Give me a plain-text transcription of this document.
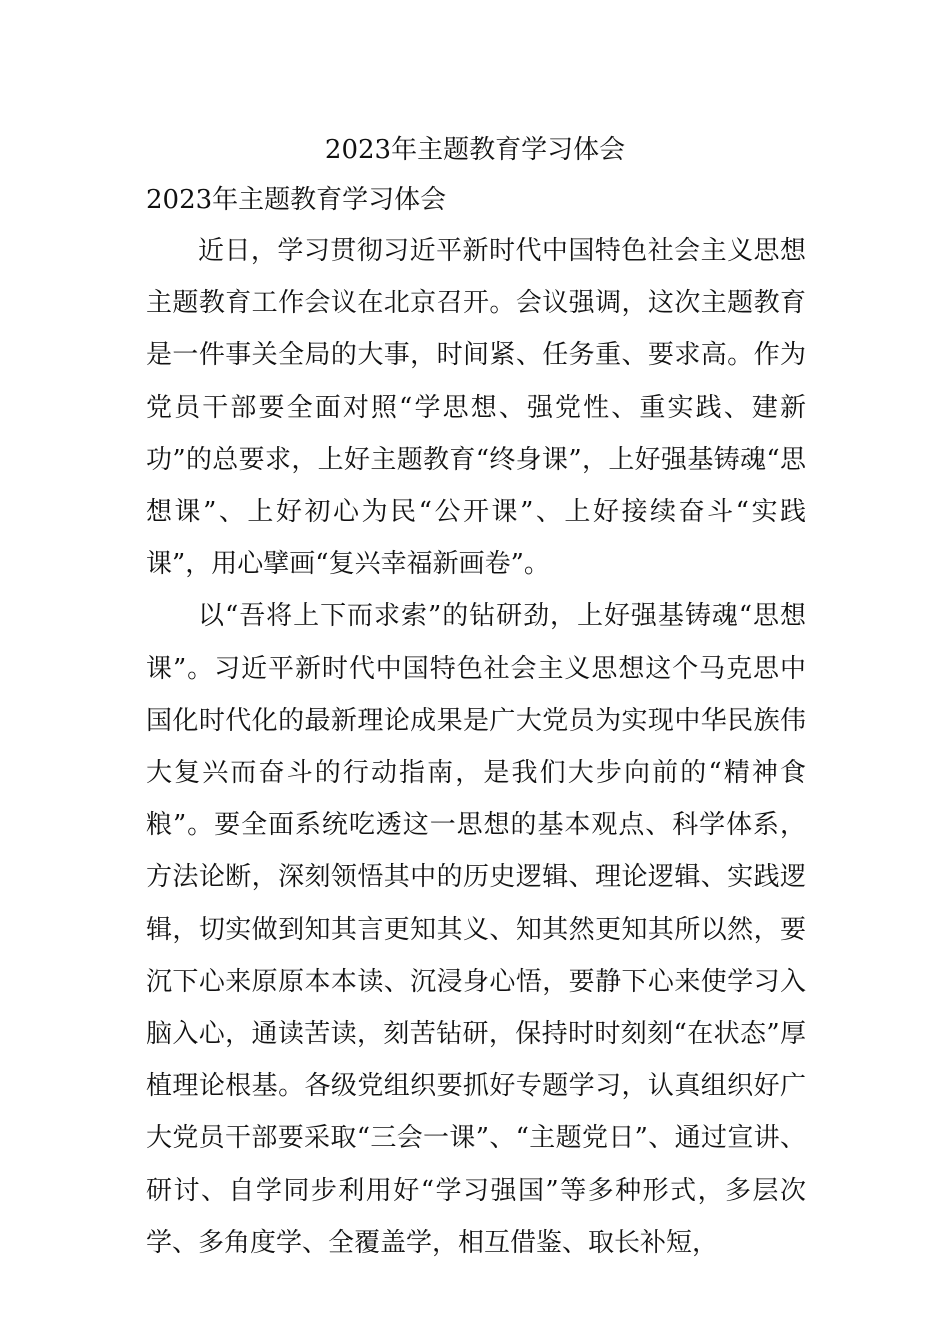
2023年主题教育学习体会
2023年主题教育学习体会

近日，学习贯彻习近平新时代中国特色社会主义思想主题教育工作会议在北京召开。会议强调，这次主题教育是一件事关全局的大事，时间紧、任务重、要求高。作为党员干部要全面对照“学思想、强党性、重实践、建新功”的总要求，上好主题教育“终身课”，上好强基铸魂“思想课”、上好初心为民“公开课”、上好接续奋斗“实践课”，用心擘画“复兴幸福新画卷”。

以“吾将上下而求索”的钻研劲，上好强基铸魂“思想课”。习近平新时代中国特色社会主义思想这个马克思中国化时代化的最新理论成果是广大党员为实现中华民族伟大复兴而奋斗的行动指南，是我们大步向前的“精神食粮”。要全面系统吃透这一思想的基本观点、科学体系，方法论断，深刻领悟其中的历史逻辑、理论逻辑、实践逻辑，切实做到知其言更知其义、知其然更知其所以然，要沉下心来原原本本读、沉浸身心悟，要静下心来使学习入脑入心，通读苦读，刻苦钻研，保持时时刻刻“在状态”厚植理论根基。各级党组织要抓好专题学习，认真组织好广大党员干部要采取“三会一课”、“主题党日”、通过宣讲、研讨、自学同步利用好“学习强国”等多种形式，多层次学、多角度学、全覆盖学，相互借鉴、取长补短，
